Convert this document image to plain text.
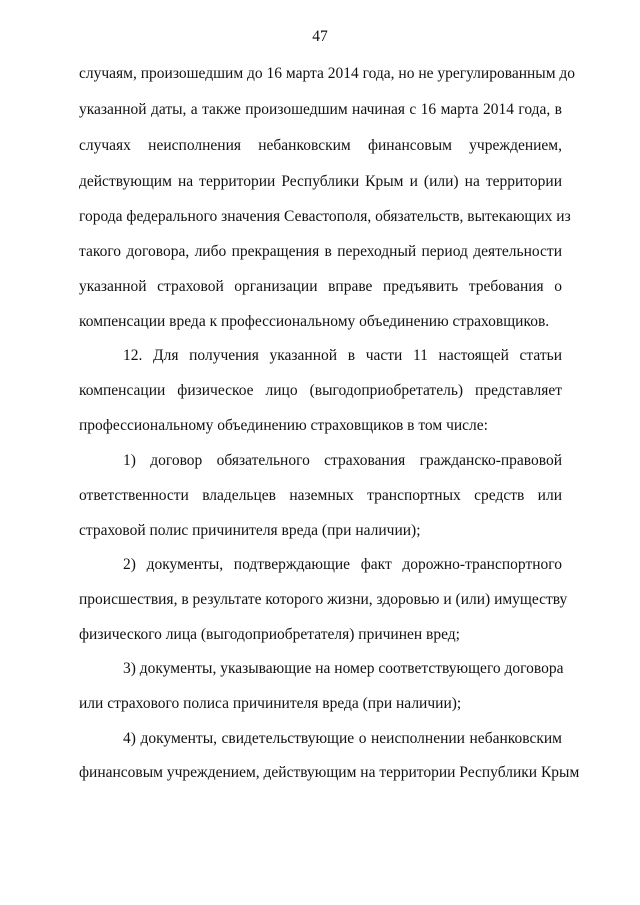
47
случаям, произошедшим до 16 марта 2014 года, но не урегулированным до
указанной даты, а также произошедшим начиная с 16 марта 2014 года, в
случаях неисполнения небанковским финансовым учреждением,
действующим на территории Республики Крым и (или) на территории
города федерального значения Севастополя, обязательств, вытекающих из
такого договора, либо прекращения в переходный период деятельности
указанной страховой организации вправе предъявить требования о
компенсации вреда к профессиональному объединению страховщиков.
12. Для получения указанной в части 11 настоящей статьи
компенсации физическое лицо (выгодоприобретатель) представляет
профессиональному объединению страховщиков в том числе:
1) договор обязательного страхования гражданско-правовой
ответственности владельцев наземных транспортных средств или
страховой полис причинителя вреда (при наличии);
2) документы, подтверждающие факт дорожно-транспортного
происшествия, в результате которого жизни, здоровью и (или) имуществу
физического лица (выгодоприобретателя) причинен вред;
3) документы, указывающие на номер соответствующего договора
или страхового полиса причинителя вреда (при наличии);
4) документы, свидетельствующие о неисполнении небанковским
финансовым учреждением, действующим на территории Республики Крым
